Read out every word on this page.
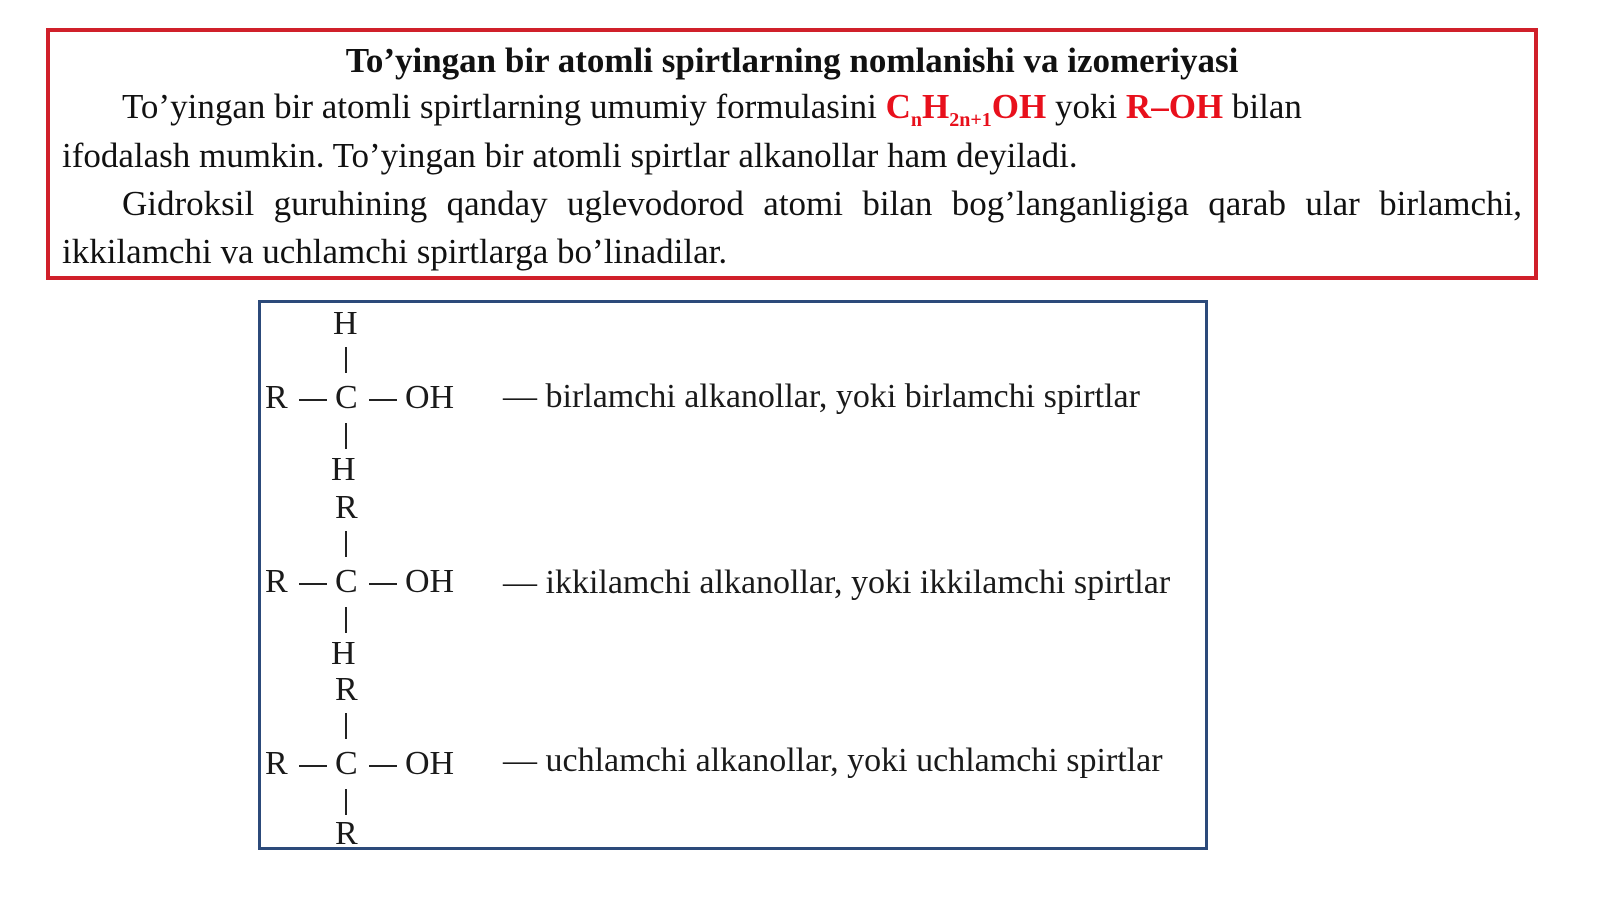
To’yingan bir atomli spirtlarning nomlanishi va izomeriyasi

To’yingan bir atomli spirtlarning umumiy formulasini $C_nH_{2n+1}OH$ yoki R–OH bilan

ifodalash mumkin. To’yingan bir atomli spirtlar alkanollar ham deyiladi.

Gidroksil guruhining qanday uglevodorod atomi bilan bog’langanligiga qarab ular birlamchi, ikkilamchi va uchlamchi spirtlarga bo’linadilar.

H
R C OH
H
— birlamchi alkanollar, yoki birlamchi spirtlar
R
R C OH
H
— ikkilamchi alkanollar, yoki ikkilamchi spirtlar
R
R C OH
R
— uchlamchi alkanollar, yoki uchlamchi spirtlar
